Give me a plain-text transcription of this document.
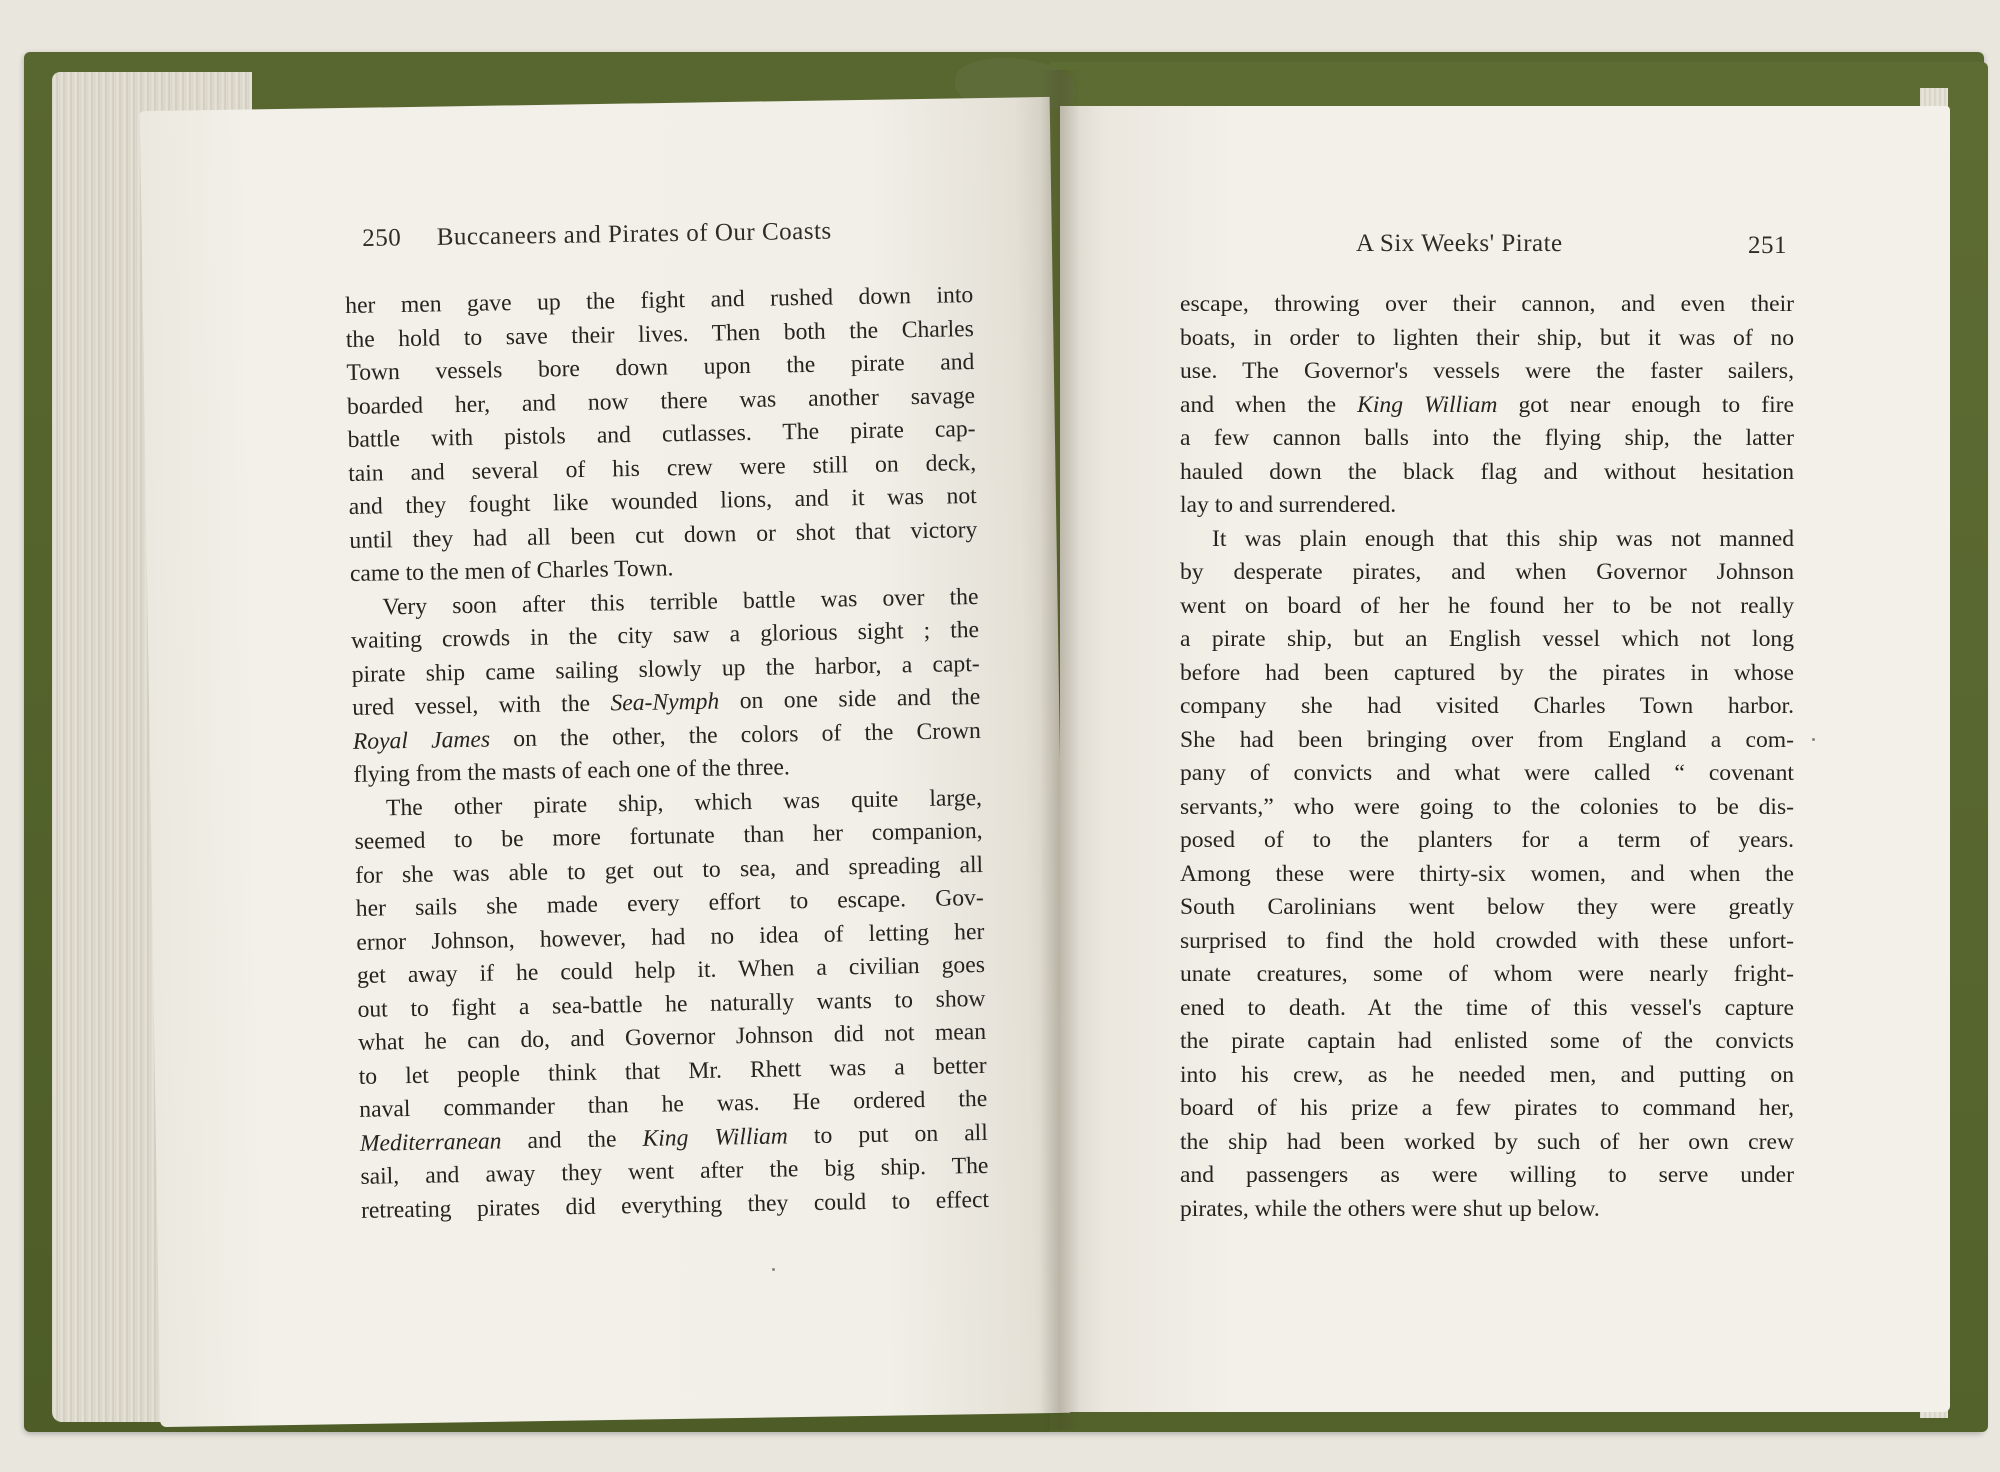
250 Buccaneers and Pirates of Our Coasts	A Six Weeks' Pirate	251
her men gave up the fight and rushed down into
the hold to save their lives. Then both the Charles
Town vessels bore down upon the pirate and
boarded her, and now there was another savage
battle with pistols and cutlasses. The pirate cap-
tain and several of his crew were still on deck,
and they fought like wounded lions, and it was not
until they had all been cut down or shot that victory
came to the men of Charles Town.
Very soon after this terrible battle was over the
waiting crowds in the city saw a glorious sight ; the
pirate ship came sailing slowly up the harbor, a capt-
ured vessel, with the Sea-Nymph on one side and the
Royal James on the other, the colors of the Crown
flying from the masts of each one of the three.
The other pirate ship, which was quite large,
seemed to be more fortunate than her companion,
for she was able to get out to sea, and spreading all
her sails she made every effort to escape. Gov-
ernor Johnson, however, had no idea of letting her
get away if he could help it. When a civilian goes
out to fight a sea-battle he naturally wants to show
what he can do, and Governor Johnson did not mean
to let people think that Mr. Rhett was a better
naval commander than he was. He ordered the
Mediterranean and the King William to put on all
sail, and away they went after the big ship. The
retreating pirates did everything they could to effect
escape, throwing over their cannon, and even their
boats, in order to lighten their ship, but it was of no
use. The Governor's vessels were the faster sailers,
and when the King William got near enough to fire
a few cannon balls into the flying ship, the latter
hauled down the black flag and without hesitation
lay to and surrendered.
It was plain enough that this ship was not manned
by desperate pirates, and when Governor Johnson
went on board of her he found her to be not really
a pirate ship, but an English vessel which not long
before had been captured by the pirates in whose
company she had visited Charles Town harbor.
She had been bringing over from England a com-
pany of convicts and what were called “ covenant
servants,” who were going to the colonies to be dis-
posed of to the planters for a term of years.
Among these were thirty-six women, and when the
South Carolinians went below they were greatly
surprised to find the hold crowded with these unfort-
unate creatures, some of whom were nearly fright-
ened to death. At the time of this vessel's capture
the pirate captain had enlisted some of the convicts
into his crew, as he needed men, and putting on
board of his prize a few pirates to command her,
the ship had been worked by such of her own crew
and passengers as were willing to serve under
pirates, while the others were shut up below.
